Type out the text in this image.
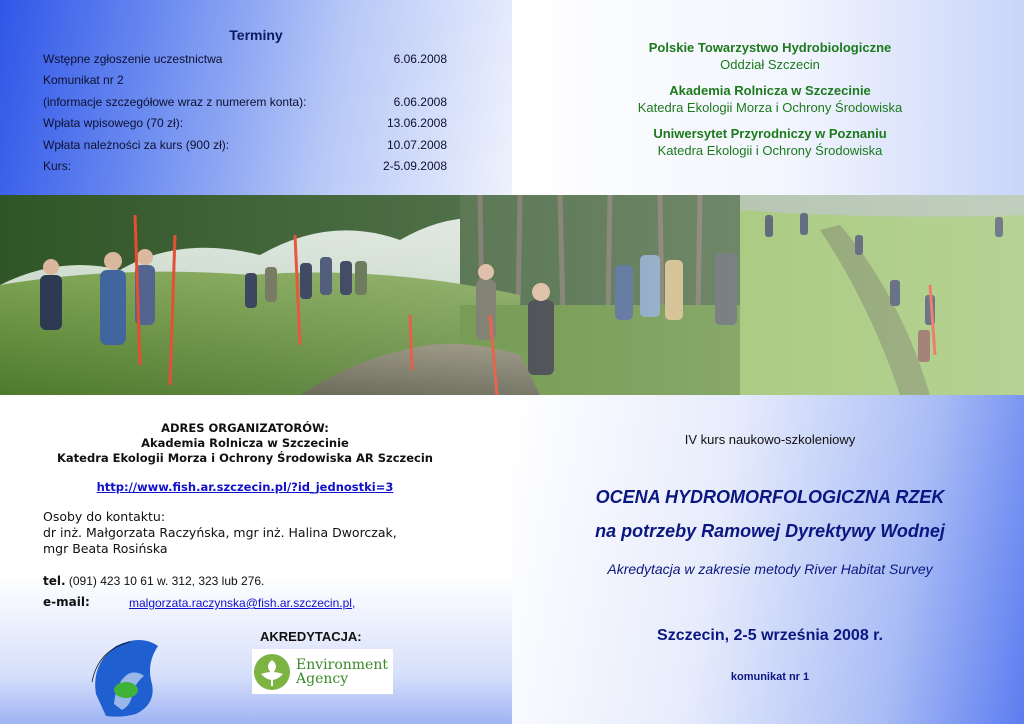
Terminy
Wstępne zgłoszenie uczestnictwa	6.06.2008
Komunikat nr 2
(informacje szczegółowe wraz z numerem konta):	6.06.2008
Wpłata wpisowego (70 zł):	13.06.2008
Wpłata należności za kurs (900 zł):	10.07.2008
Kurs:	2-5.09.2008
Polskie Towarzystwo Hydrobiologiczne
Oddział Szczecin
Akademia Rolnicza w Szczecinie
Katedra Ekologii Morza i Ochrony Środowiska
Uniwersytet Przyrodniczy w Poznaniu
Katedra Ekologii i Ochrony Środowiska
ADRES ORGANIZATORÓW:
Akademia Rolnicza w Szczecinie
Katedra Ekologii Morza i Ochrony Środowiska AR Szczecin
http://www.fish.ar.szczecin.pl/?id_jednostki=3
Osoby do kontaktu:
dr inż. Małgorzata Raczyńska, mgr inż. Halina Dworczak,
mgr Beata Rosińska
tel. (091) 423 10 61 w. 312, 323 lub 276.
e-mail:	malgorzata.raczynska@fish.ar.szczecin.pl,
AKREDYTACJA:
Environment
Agency
IV kurs naukowo-szkoleniowy
OCENA HYDROMORFOLOGICZNA RZEK
na potrzeby Ramowej Dyrektywy Wodnej
Akredytacja w zakresie metody River Habitat Survey
Szczecin, 2-5 września 2008 r.
komunikat nr 1
